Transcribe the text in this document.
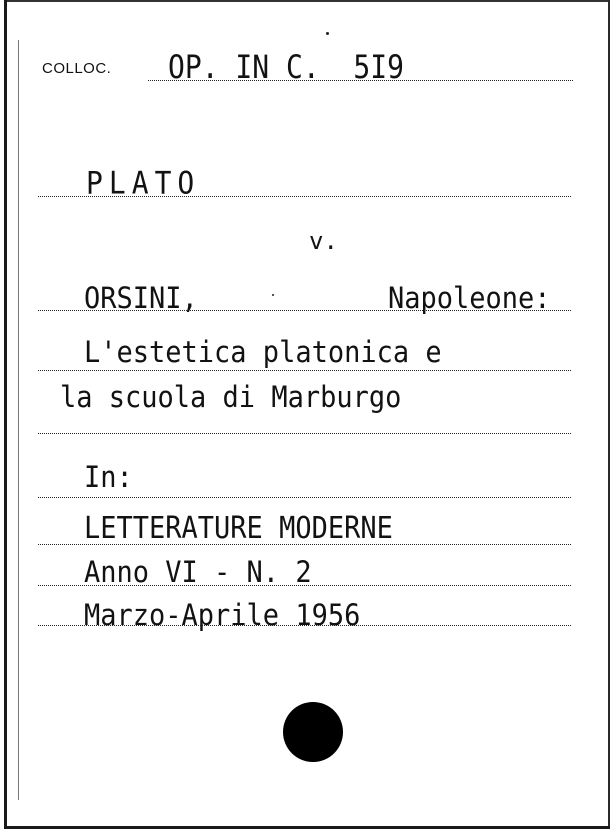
COLLOC. OP. IN C.  5I9
PLATO
v.
ORSINI,	Napoleone:
L'estetica platonica e
la scuola di Marburgo
In:
LETTERATURE MODERNE
Anno VI - N. 2
Marzo-Aprile 1956
